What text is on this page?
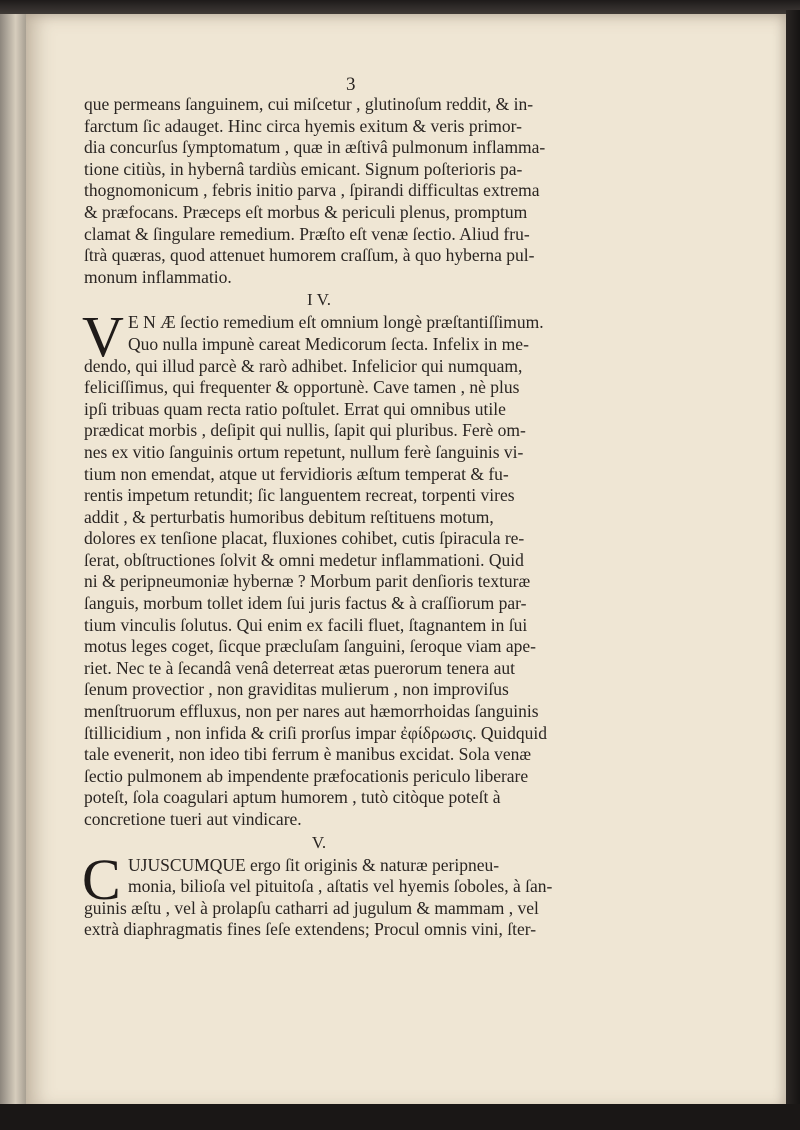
3
que permeans ſanguinem, cui miſcetur , glutinoſum reddit, & in-
farctum ſic adauget. Hinc circa hyemis exitum & veris primor-
dia concurſus ſymptomatum , quæ in æſtivâ pulmonum inflamma-
tione citiùs, in hybernâ tardiùs emicant. Signum poſterioris pa-
thognomonicum , febris initio parva , ſpirandi difficultas extrema
& præfocans. Præceps eſt morbus & periculi plenus, promptum
clamat & ſingulare remedium. Præſto eſt venæ ſectio. Aliud fru-
ſtrà quæras, quod attenuet humorem craſſum, à quo hyberna pul-
monum inflammatio.
I V.
V E N Æ ſectio remedium eſt omnium longè præſtantiſſimum.
Quo nulla impunè careat Medicorum ſecta. Infelix in me-
dendo, qui illud parcè & rarò adhibet. Infelicior qui numquam,
feliciſſimus, qui frequenter & opportunè. Cave tamen , nè plus
ipſi tribuas quam recta ratio poſtulet. Errat qui omnibus utile
prædicat morbis , deſipit qui nullis, ſapit qui pluribus. Ferè om-
nes ex vitio ſanguinis ortum repetunt, nullum ferè ſanguinis vi-
tium non emendat, atque ut fervidioris æſtum temperat & fu-
rentis impetum retundit; ſic languentem recreat, torpenti vires
addit , & perturbatis humoribus debitum reſtituens motum,
dolores ex tenſione placat, fluxiones cohibet, cutis ſpiracula re-
ſerat, obſtructiones ſolvit & omni medetur inflammationi. Quid
ni & peripneumoniæ hybernæ ? Morbum parit denſioris texturæ
ſanguis, morbum tollet idem ſui juris factus & à craſſiorum par-
tium vinculis ſolutus. Qui enim ex facili fluet, ſtagnantem in ſui
motus leges coget, ſicque præcluſam ſanguini, ſeroque viam ape-
riet. Nec te à ſecandâ venâ deterreat ætas puerorum tenera aut
ſenum provectior , non graviditas mulierum , non improviſus
menſtruorum effluxus, non per nares aut hæmorrhoidas ſanguinis
ſtillicidium , non infida & criſi prorſus impar ἐφίδρωσις. Quidquid
tale evenerit, non ideo tibi ferrum è manibus excidat. Sola venæ
ſectio pulmonem ab impendente præfocationis periculo liberare
poteſt, ſola coagulari aptum humorem , tutò citòque poteſt à
concretione tueri aut vindicare.
V.
C UJUSCUMQUE ergo ſit originis & naturæ peripneu-
monia, bilioſa vel pituitoſa , aſtatis vel hyemis ſoboles, à ſan-
guinis æſtu , vel à prolapſu catharri ad jugulum & mammam , vel
extrà diaphragmatis fines ſeſe extendens; Procul omnis vini, ſter-
